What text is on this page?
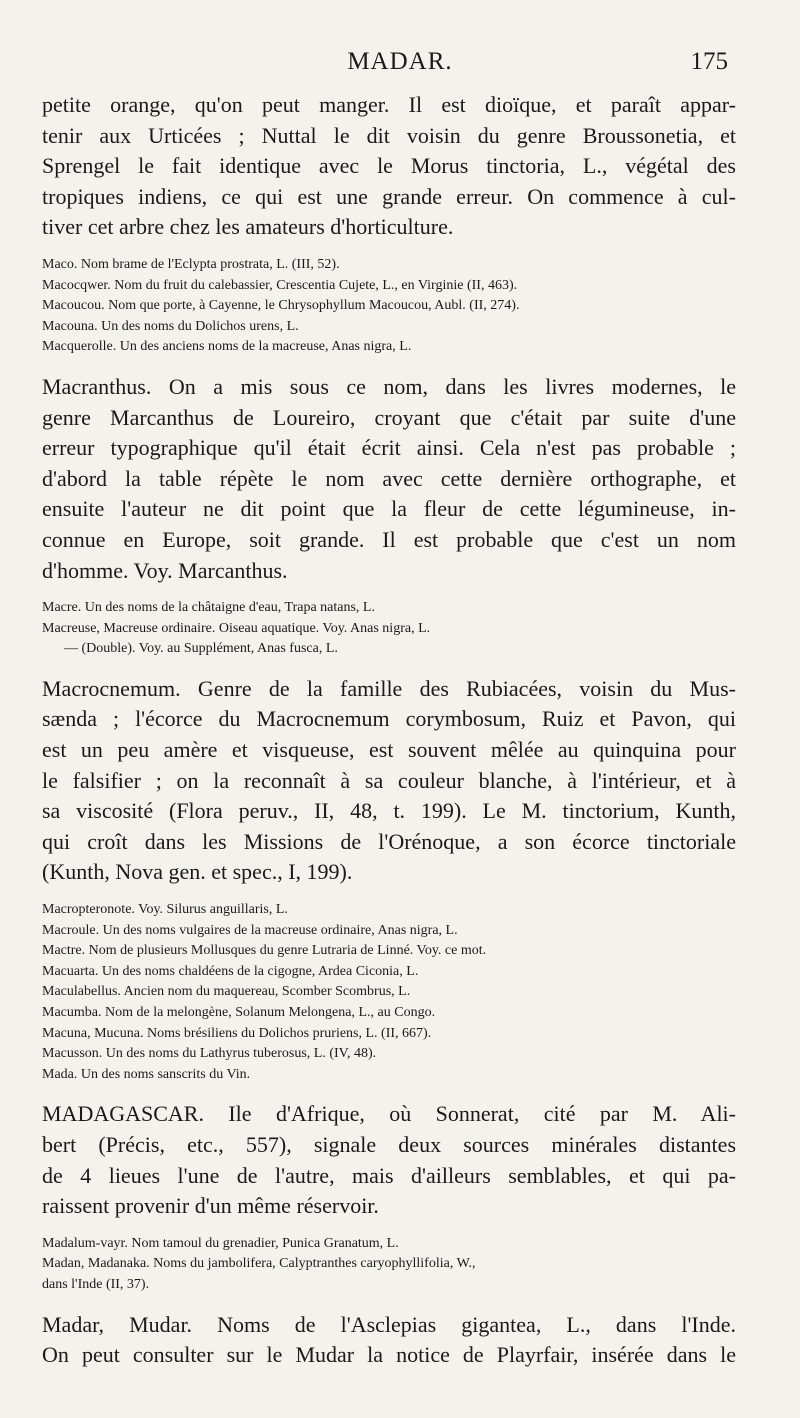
MADAR.	175
petite orange, qu'on peut manger. Il est dioïque, et paraît appar-
tenir aux Urticées ; Nuttal le dit voisin du genre Broussonetia, et
Sprengel le fait identique avec le Morus tinctoria, L., végétal des
tropiques indiens, ce qui est une grande erreur. On commence à cul-
tiver cet arbre chez les amateurs d'horticulture.
Maco. Nom brame de l'Eclypta prostrata, L. (III, 52).
Macocqwer. Nom du fruit du calebassier, Crescentia Cujete, L., en Virginie (II, 463).
Macoucou. Nom que porte, à Cayenne, le Chrysophyllum Macoucou, Aubl. (II, 274).
Macouna. Un des noms du Dolichos urens, L.
Macquerolle. Un des anciens noms de la macreuse, Anas nigra, L.
Macranthus. On a mis sous ce nom, dans les livres modernes, le
genre Marcanthus de Loureiro, croyant que c'était par suite d'une
erreur typographique qu'il était écrit ainsi. Cela n'est pas probable ;
d'abord la table répète le nom avec cette dernière orthographe, et
ensuite l'auteur ne dit point que la fleur de cette légumineuse, in-
connue en Europe, soit grande. Il est probable que c'est un nom
d'homme. Voy. Marcanthus.
Macre. Un des noms de la châtaigne d'eau, Trapa natans, L.
Macreuse, Macreuse ordinaire. Oiseau aquatique. Voy. Anas nigra, L.
— (Double). Voy. au Supplément, Anas fusca, L.
Macrocnemum. Genre de la famille des Rubiacées, voisin du Mus-
sænda ; l'écorce du Macrocnemum corymbosum, Ruiz et Pavon, qui
est un peu amère et visqueuse, est souvent mêlée au quinquina pour
le falsifier ; on la reconnaît à sa couleur blanche, à l'intérieur, et à
sa viscosité (Flora peruv., II, 48, t. 199). Le M. tinctorium, Kunth,
qui croît dans les Missions de l'Orénoque, a son écorce tinctoriale
(Kunth, Nova gen. et spec., I, 199).
Macropteronote. Voy. Silurus anguillaris, L.
Macroule. Un des noms vulgaires de la macreuse ordinaire, Anas nigra, L.
Mactre. Nom de plusieurs Mollusques du genre Lutraria de Linné. Voy. ce mot.
Macuarta. Un des noms chaldéens de la cigogne, Ardea Ciconia, L.
Maculabellus. Ancien nom du maquereau, Scomber Scombrus, L.
Macumba. Nom de la melongène, Solanum Melongena, L., au Congo.
Macuna, Mucuna. Noms brésiliens du Dolichos pruriens, L. (II, 667).
Macusson. Un des noms du Lathyrus tuberosus, L. (IV, 48).
Mada. Un des noms sanscrits du Vin.
MADAGASCAR. Ile d'Afrique, où Sonnerat, cité par M. Ali-
bert (Précis, etc., 557), signale deux sources minérales distantes
de 4 lieues l'une de l'autre, mais d'ailleurs semblables, et qui pa-
raissent provenir d'un même réservoir.
Madalum-vayr. Nom tamoul du grenadier, Punica Granatum, L.
Madan, Madanaka. Noms du jambolifera, Calyptranthes caryophyllifolia, W.,
dans l'Inde (II, 37).
Madar, Mudar. Noms de l'Asclepias gigantea, L., dans l'Inde.
On peut consulter sur le Mudar la notice de Playrfair, insérée dans le
